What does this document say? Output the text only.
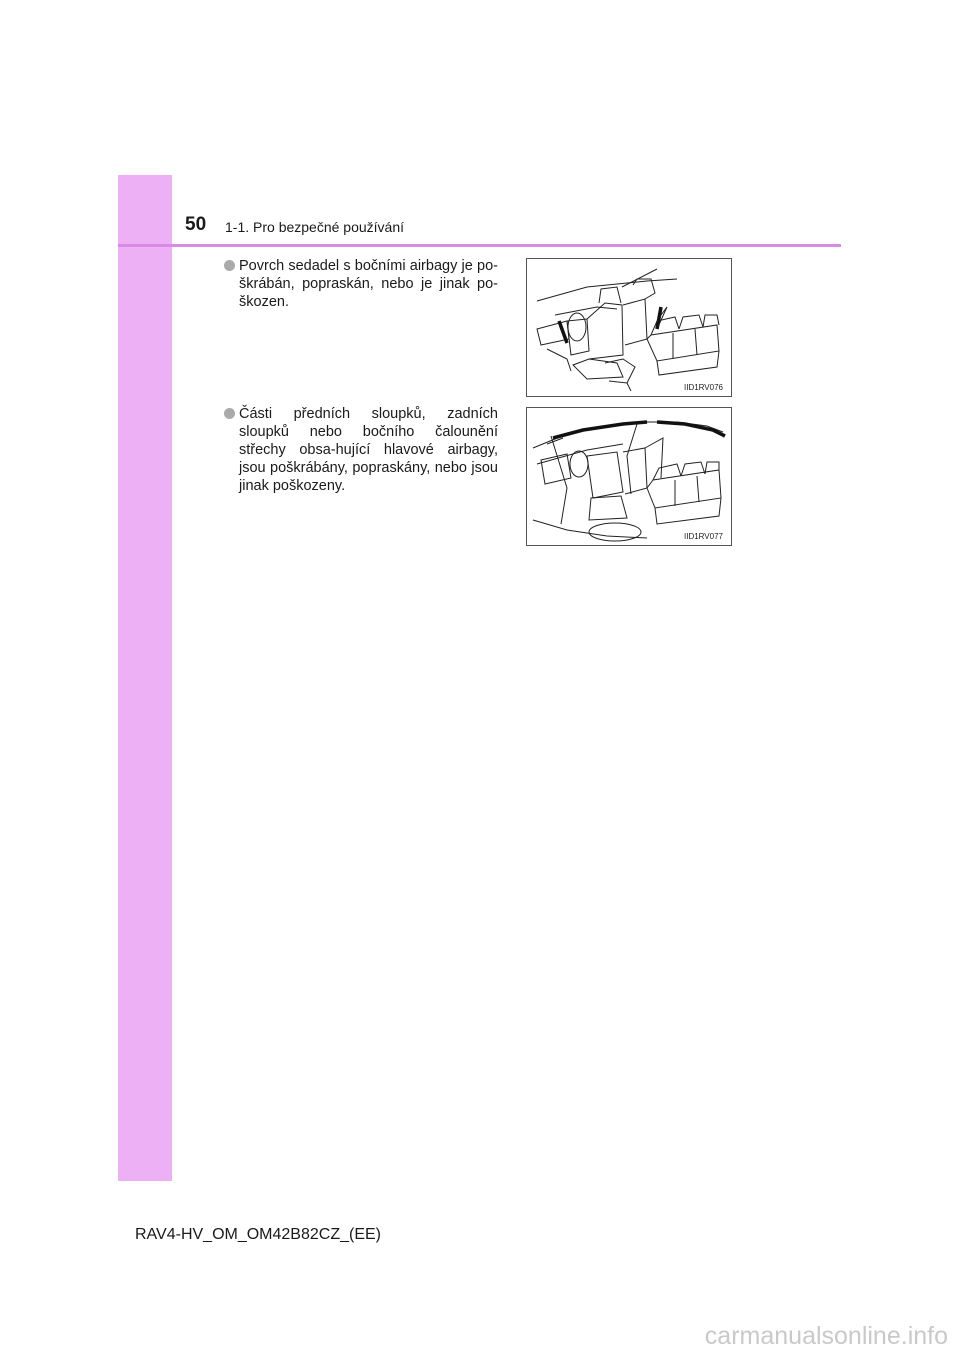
50 1-1. Pro bezpečné používání
Povrch sedadel s bočními airbagy je po-škrábán, popraskán, nebo je jinak po-škozen.
IID1RV076
Části předních sloupků, zadních sloupků nebo bočního čalounění střechy obsa-hující hlavové airbagy, jsou poškrábány, popraskány, nebo jsou jinak poškozeny.
IID1RV077
RAV4-HV_OM_OM42B82CZ_(EE)
carmanualsonline.info
